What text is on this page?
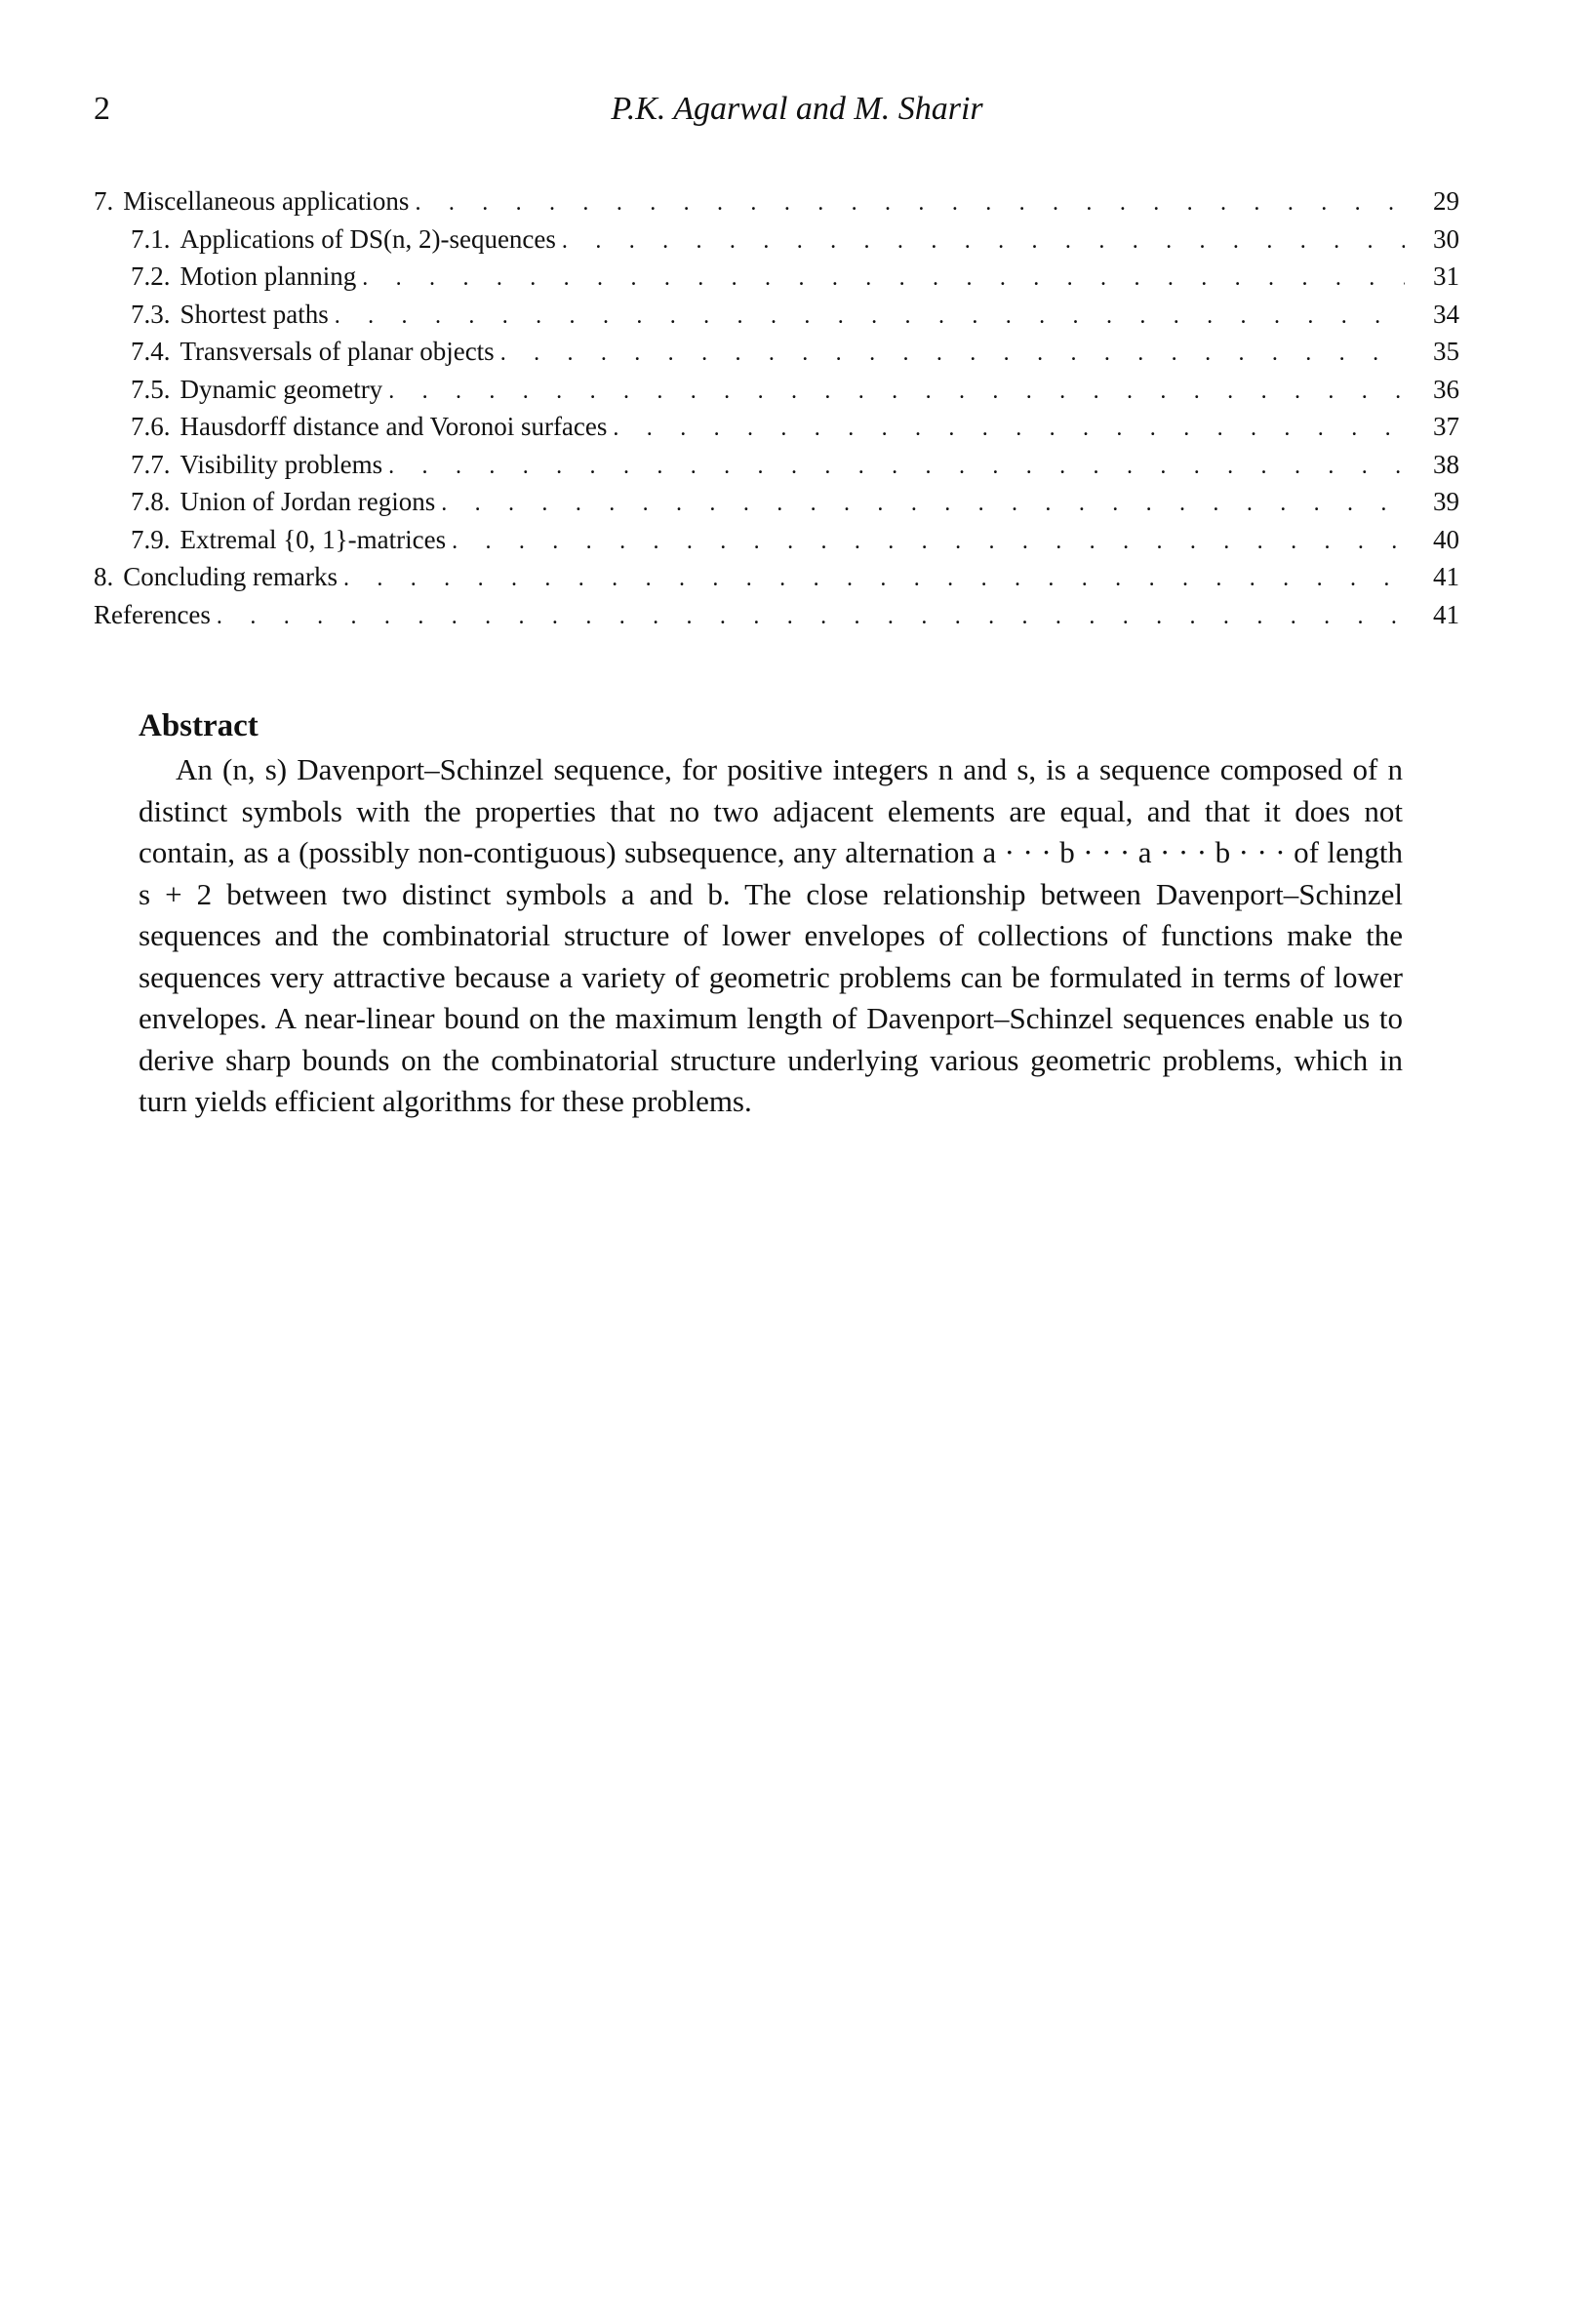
2	P.K. Agarwal and M. Sharir
7. Miscellaneous applications . . .	29
7.1. Applications of DS(n, 2)-sequences . . .	30
7.2. Motion planning . . .	31
7.3. Shortest paths . . .	34
7.4. Transversals of planar objects . . .	35
7.5. Dynamic geometry . . .	36
7.6. Hausdorff distance and Voronoi surfaces . . .	37
7.7. Visibility problems . . .	38
7.8. Union of Jordan regions . . .	39
7.9. Extremal {0, 1}-matrices . . .	40
8. Concluding remarks . . .	41
References . . .	41
Abstract
An (n, s) Davenport–Schinzel sequence, for positive integers n and s, is a sequence composed of n distinct symbols with the properties that no two adjacent elements are equal, and that it does not contain, as a (possibly non-contiguous) subsequence, any alternation a · · · b · · · a · · · b · · · of length s + 2 between two distinct symbols a and b. The close relationship between Davenport–Schinzel sequences and the combinatorial structure of lower envelopes of collections of functions make the sequences very attractive because a variety of geometric problems can be formulated in terms of lower envelopes. A near-linear bound on the maximum length of Davenport–Schinzel sequences enable us to derive sharp bounds on the combinatorial structure underlying various geometric problems, which in turn yields efficient algorithms for these problems.
